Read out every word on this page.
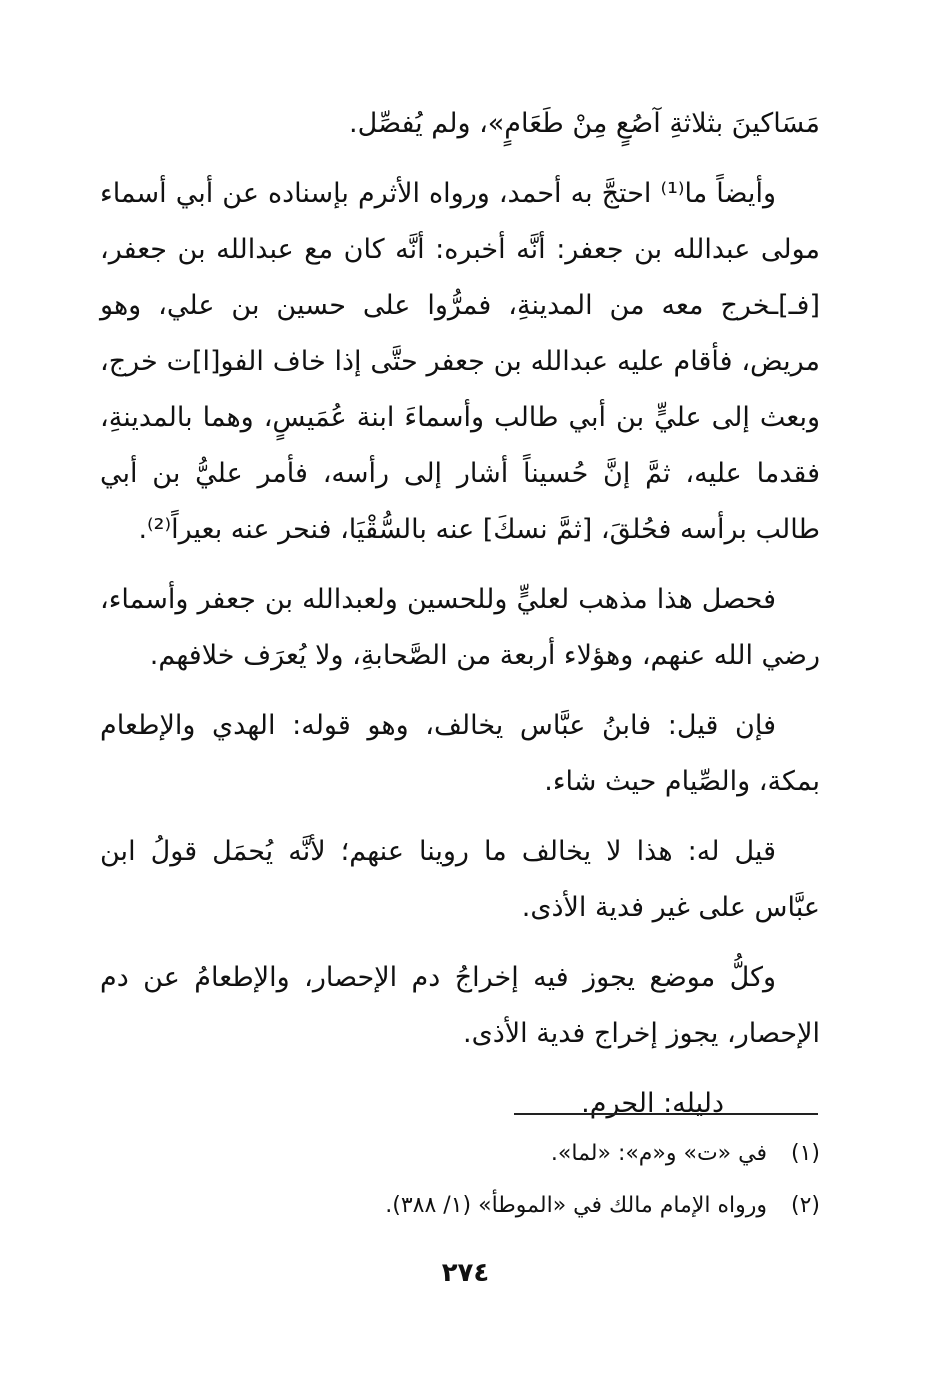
مَسَاكينَ بثلاثةِ آصُعٍ مِنْ طَعَامٍ»، ولم يُفصِّل.

وأيضاً ما⁽¹⁾ احتجَّ به أحمد، ورواه الأثرم بإسناده عن أبي أسماء مولى عبدالله بن جعفر: أنَّه أخبره: أنَّه كان مع عبدالله بن جعفر، [فـ]ـخرج معه من المدينةِ، فمرُّوا على حسين بن علي، وهو مريض، فأقام عليه عبدالله بن جعفر حتَّى إذا خاف الفو[ا]ت خرج، وبعث إلى عليٍّ بن أبي طالب وأسماءَ ابنة عُمَيسٍ، وهما بالمدينةِ، فقدما عليه، ثمَّ إنَّ حُسيناً أشار إلى رأسه، فأمر عليُّ بن أبي طالب برأسه فحُلقَ، [ثمَّ نسكَ] عنه بالسُّقْيَا، فنحر عنه بعيراً⁽²⁾.

فحصل هذا مذهب لعليٍّ وللحسين ولعبدالله بن جعفر وأسماء، رضي الله عنهم، وهؤلاء أربعة من الصَّحابةِ، ولا يُعرَف خلافهم.

فإن قيل: فابنُ عبَّاس يخالف، وهو قوله: الهدي والإطعام بمكة، والصِّيام حيث شاء.

قيل له: هذا لا يخالف ما روينا عنهم؛ لأنَّه يُحمَل قولُ ابن عبَّاس على غير فدية الأذى.

وكلُّ موضع يجوز فيه إخراجُ دم الإحصار، والإطعامُ عن دم الإحصار، يجوز إخراج فدية الأذى.

دليله: الحرم.

(١) في «ت» و«م»: «لما».

(٢) ورواه الإمام مالك في «الموطأ» (١/ ٣٨٨).

٢٧٤
